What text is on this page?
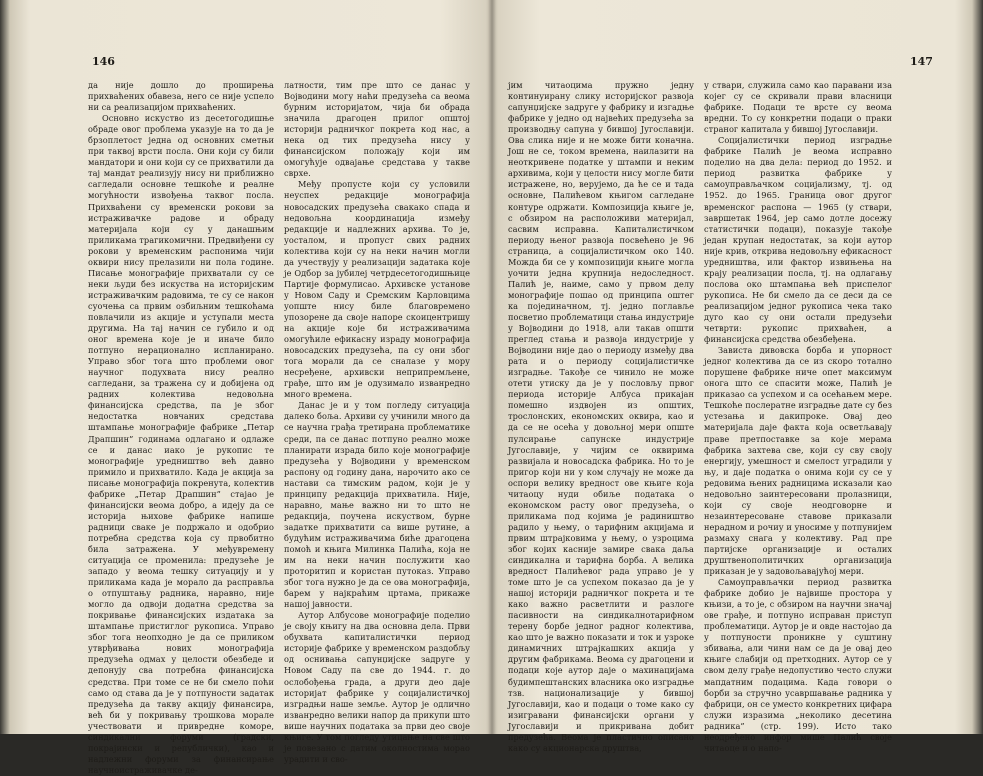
146

да није дошло до проширења прихваћених обавеза, него се није успело ни са реализацијом прихваћених.

Основно искуство из десетогодишње обраде овог проблема указује на то да је брзоплетост једна од основних сметњи при таквој врсти посла. Они који су били мандатори и они који су се прихватили да тај мандат реализују нису ни приближно сагледали основне тешкоће и реалне могућности извођења таквог посла. Прихваћени су временски рокови за истраживачке радове и обраду материјала који су у данашњим приликама трагикомични. Предвиђени су рокови у временским распонима чији оквири нису прелазили ни пола године. Писање монографије прихватали су се неки људи без искуства на историјским истраживачким радовима, те су се након суочења са првим озбиљним тешкоћама повлачили из акције и уступали места другима. На тај начин се губило и од оног времена које је и иначе било потпуно нерационално испланирано. Управо због тога што проблеми овог научног подухвата нису реално сагледани, за тражена су и добијена од радних колектива недовољна финансијска средства, па је због недостатка новчаних средстава штампање монографије фабрике „Петар Драпшин” годинама одлагано и одлаже се и данас иако је рукопис те монографије уредништво већ давно примило и прихватило. Када је акција за писање монографија покренута, колектив фабрике „Петар Драпшин” стајао је финансијски веома добро, а идеју да се историја њихове фабрике напише радници свакe је подржало и одобрио потребна средства која су првобитно била затражена. У међувремену ситуација се променила: предузеће је западо у веома тешку ситуацију и у приликама када је морало да распрaвља о отпуштању радника, наравно, није могло да одвоји додатна средства за покривање финансијских издатака за штампање пристиглог рукописа. Управо због тога неопходно је да се приликом утврђивања нових монографија предузећа одмах у целости обезбеде и депонују сва потребна финансијска средства. При томе се не би смело поћи само од става да је у потпуности задатак предузећа да такву акцију финансира, већ би у покривању трошкова морале учествовати и привредне коморе, синдикални форуми (градски, покрајински и републички), као и надлежни форуми за финансирање научноистраживачке де-

латности, тим пре што се данас у Војводини могу наћи предузећа са веома бурним историјатом, чија би обрада значила драгоцен прилог општој историји радничког покрета код нас, а нека од тих предузећа нису у финансијском положају који им омогућује одвајање средстава у такве сврхе.

Међу пропусте који су условили неуспех редакције монографија новосадских предузећа свакако спада и недовољна координација између редакције и надлежних архива. То је, уосталом, и пропуст свих радних колектива који су на неки начин могли да учествују у реализацији задатака које је Одбор за јубилеј четрдесетогодишњице Партије формулисао. Архивске установе у Новом Саду и Сремским Карловцима уопште нису биле благовремено упозорене да своје напоре скоицентришу на акције које би истраживачима омогућиле ефикасну израду монографија новосадских предузећа, па су они због тога морали да се снaлазе у мору несређене, архивски неприпремљене, грађе, што им је одузимало изванредно много времена.

Данас је и у том погледу ситуација далеко боља. Архиви су учинили много да се научна грађа третирана проблематике среди, па се данас потпуно реално може планирати израда било које монографије предузећа у Војводини у временском распону од годину дана, нарочито ако се настави са тимским радом, који је у принципу редакција прихватила. Није, наравно, мање важно ни то што не редакција, поучена искуством, бурне задатке прихватити са више рутине, а будућим истраживачима биће драгоцена помоћ и књига Милинка Палића, која не им на неки начин послужити као проторитип и користан путоказ. Управо због тога нужно је да се ова монографија, барем у најкраћим цртама, прикаже нашој јавности.

Аутор Албусове монографије поделио је своју књигу на два основна дела. Први обухвата капиталистички период историје фабрике у временском раздобљу од оснивања сапунџијске задруге у Новом Саду па све до 1944. г. до ослобођења града, а други део даје историјат фабрике у социјалистичкој изградњи наше земље. Аутор је одлично изванредно велики напор да прикупи што више научних података за први део своје књиге. У том погледу утицање на све што је повезано с датим околностима мораo урадити и сво-

147

јим читаоцима пружно једну континуирану слику историјског развоја сапунџијске задруге у фабрику и изгадње фабрике у једно од највећих предузећа за производњу сапуна у бившој Југославији. Ова слика није и не може бити коначна. Још не се, током времена, наилазити на неоткривене податке у штампи и неким архивима, који у целости нису могле бити истражене, но, верујемо, да ће се и тада основне, Палићевом књигом сагледане контуре одржати. Композиција књиге је, с обзиром на расположиви материјал, сасвим исправна. Капиталистичком периоду њеног развоја посвећено је 96 страница, а социјалистичком око 140. Можда би се у композицији књиге могла уочити једна крупнија недоследност. Палић је, наиме, само у првом делу монографије пошао од принципа оштег ка појединачном, тј. једно поглавље посветио проблематици стања индустрије у Војводини до 1918, али такав општи преглед стања и развоја индустрије у Војводини није дао о периоду између два рата и о периоду социјалистичке изградње. Такође се чинило не може отети утиску да је у пословљу првог периода историје Албуса прикаjан помешно издвојен из општих, трослонских, економских оквира, као и да се не осећа у довољној мери опште пулсирање сапунске индустрије Југославије, у чијим се оквирима развијала и новосадска фабрика. Но то је пригoр који ни у ком случају не може да оспори велику вредност ове књиге која читаоцу нуди обиље података о економском расту овог предузећа, о приликама под којима је радиништво радило у њему, о тарифним акцијама и првим штрајковима у њему, о узроцима због којих касније замире свака даља синдикална и тарифна борба. А велика вредност Палићевог рада управо је у томе што је са успехом показао да је у нашој историји радничког покрета и те како важно расветлити и разлоге пасивности на синдикалнотарифном терену борбе једног радног колектива, као што је важно показати и ток и узроке динамичних штрајкашких акција у другим фабрикама. Веома су драгоцени и подаци које аутор даје о махинацијама будимпештанских власника око изградње тзв. национализације у бившој Југославији, као и подаци о томе како су изигравани финансијски органи у Југославији и прикривана добит предузећа. Веома је пластично описано како су акционарска друштва,

у ствари, служила само као паравани иза којег су се скривали прави власници фабрике. Подаци те врсте су веома вредни. То су конкретни подаци о праки страног капитала у бившој Југославији.

Социјалистички период изградње фабрике Палић је веома исправно поделио на два дела: период до 1952. и период развитка фабрике у самоуправљачком социјализму, тј. од 1952. до 1965. Граница овог другог временског распона — 1965 (у ствари, завршетак 1964, јер само дотле досежу статистички подаци), показује такође један крупан недостатак, за који аутор није крив, откривa недовољну ефикасност уредништва, или фактор извињења на крају реализации посла, тј. на одлагању послова око штампања већ приспелог рукописа. Не би смело да се деси да се реализацијом једног рукописа чека тако дуго као су они остали предузећи четврти: рукопис прихваћен, а финансијска средства обезбеђена.

Зависта дивовска борба и упорност једног колектива да се из скоро тотално порушене фабрике ниче опет максимум онога што се спасити може, Палић је приказао са успехом и са осећањем мере. Тешкоће послератне изградње дате су без устезања и дакипроке. Овај део материјала даје факта која осветљавају праве претпоставке за које мерама фабрика захтева све, који су сву своју енергију, умешност и смелост уградили у њу, и даје податка о онима који су се у редовима њених радницима исказали као недовољно заинтересовани пролазници, који су своје неодговорне и незаинтересоване ставове приказали нерадном и рочиу и уносиме у потпуниjeм размаху снага у колективу. Рад пре партијске организације и осталих друштвенополитичких организација приказан је у задовољавајућој мери.

Самоуправљачки период развитка фабрике добио је највише простора у књизи, а то је, с обзиром на научни значај ове грађе, и потпуно исправан приступ проблематици. Аутор је и овде настојао да у потпуности проникне у суштину збивања, али чини нам се да је овај део књиге слабији од претходних. Аутор се у свом делу грађе недопустиво често служи мапдатним подацима. Када говори о борби за стручно усавршавање радника у фабрици, он се уместо конкретних цифара служи изразима „неколико десетина радника” (стр. 199). Исто тако неодређено инфор мише Палић своје читаоце и о напо-
